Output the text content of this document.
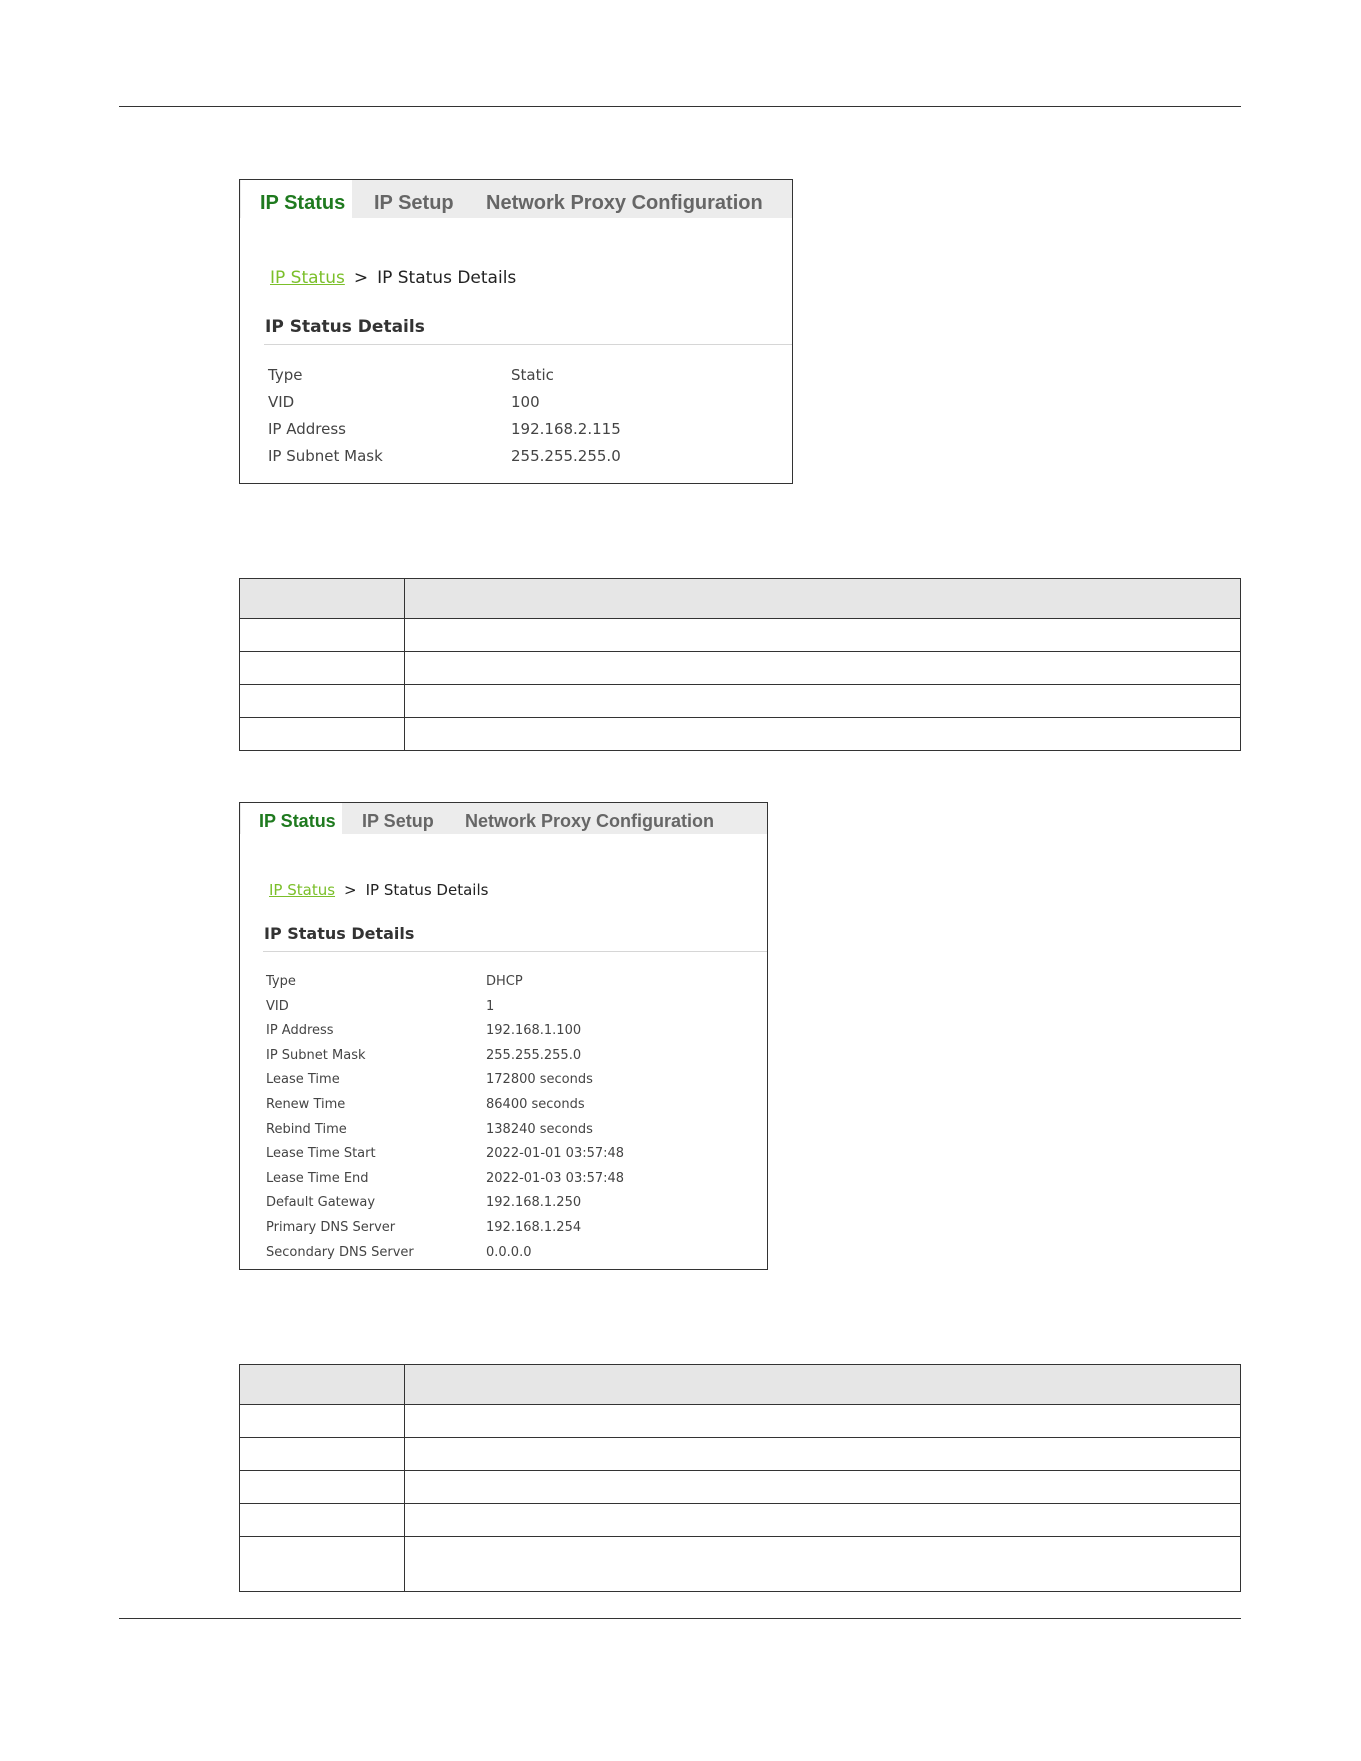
IP Status	IP Setup Network Proxy Configuration
IP Status > IP Status Details
IP Status Details
Type	Static
VID	100
IP Address	192.168.2.115
IP Subnet Mask	255.255.255.0

IP Status	IP Setup Network Proxy Configuration
IP Status > IP Status Details
IP Status Details
Type	DHCP
VID	1
IP Address	192.168.1.100
IP Subnet Mask	255.255.255.0
Lease Time	172800 seconds
Renew Time	86400 seconds
Rebind Time	138240 seconds
Lease Time Start	2022-01-01 03:57:48
Lease Time End	2022-01-03 03:57:48
Default Gateway	192.168.1.250
Primary DNS Server	192.168.1.254
Secondary DNS Server	0.0.0.0
